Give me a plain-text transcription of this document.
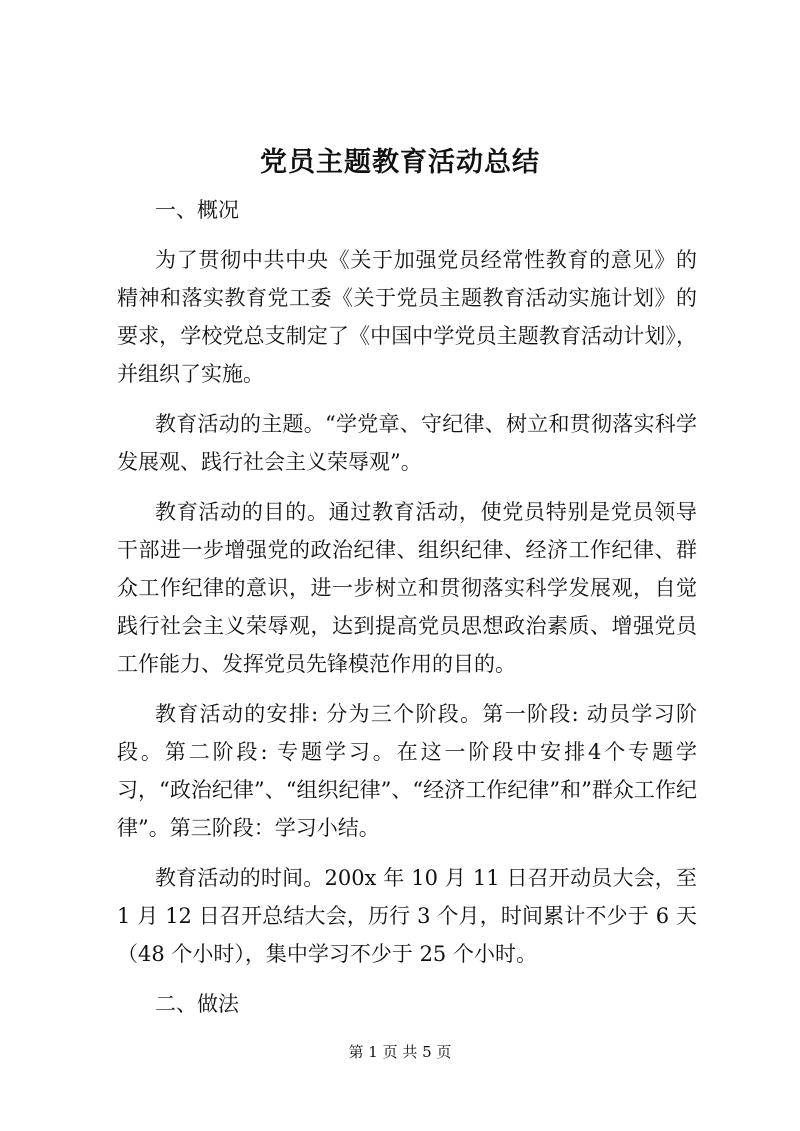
党员主题教育活动总结

一、概况

为了贯彻中共中央《关于加强党员经常性教育的意见》的精神和落实教育党工委《关于党员主题教育活动实施计划》的要求，学校党总支制定了《中国中学党员主题教育活动计划》，并组织了实施。

教育活动的主题。“学党章、守纪律、树立和贯彻落实科学发展观、践行社会主义荣辱观”。

教育活动的目的。通过教育活动，使党员特别是党员领导干部进一步增强党的政治纪律、组织纪律、经济工作纪律、群众工作纪律的意识，进一步树立和贯彻落实科学发展观，自觉践行社会主义荣辱观，达到提高党员思想政治素质、增强党员工作能力、发挥党员先锋模范作用的目的。

教育活动的安排: 分为三个阶段。第一阶段: 动员学习阶段。第二阶段: 专题学习。在这一阶段中安排4个专题学习，“政治纪律”、“组织纪律”、“经济工作纪律”和”群众工作纪律”。第三阶段：学习小结。

教育活动的时间。200x 年 10 月 11 日召开动员大会，至 1 月 12 日召开总结大会，历行 3 个月，时间累计不少于 6 天（48 个小时），集中学习不少于 25 个小时。

二、做法

第 1 页 共 5 页
